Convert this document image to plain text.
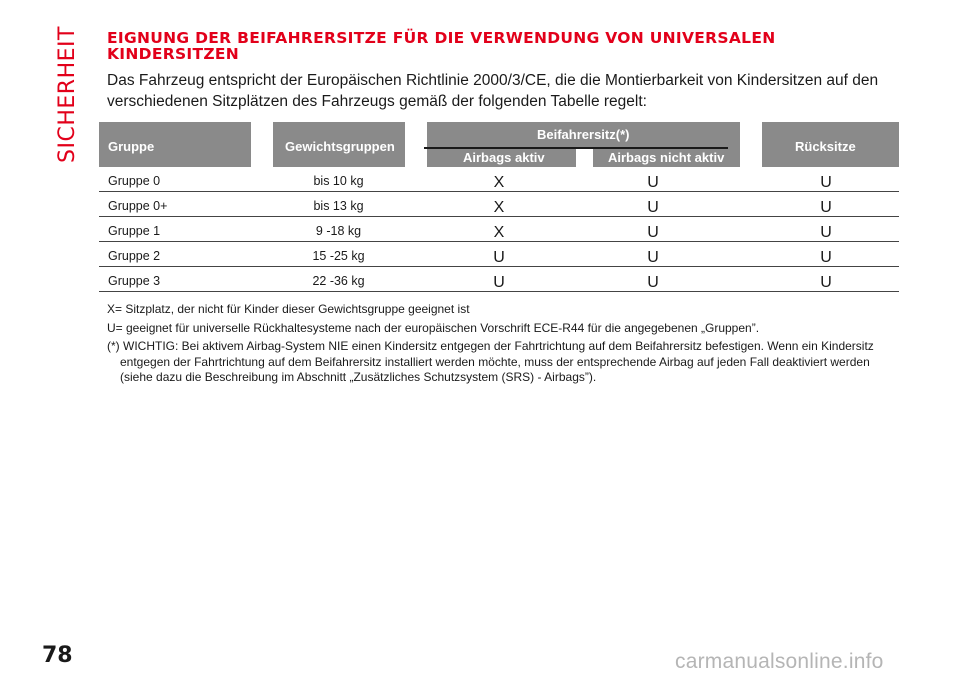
SICHERHEIT EIGNUNG DER BEIFAHRERSITZE FÜR DIE VERWENDUNG VON UNIVERSALEN KINDERSITZEN
Das Fahrzeug entspricht der Europäischen Richtlinie 2000/3/CE, die die Montierbarkeit von Kindersitzen auf den verschiedenen Sitzplätzen des Fahrzeugs gemäß der folgenden Tabelle regelt:
Gruppe	Gewichtsgruppen
Beifahrersitz(*)
Airbags aktiv	Airbags nicht aktiv
Rücksitze
Gruppe 0	bis 10 kg	X	U	U
Gruppe 0+	bis 13 kg	X	U	U
Gruppe 1	9 -18 kg	X	U	U
Gruppe 2	15 -25 kg	U	U	U
Gruppe 3	22 -36 kg	U	U	U

X= Sitzplatz, der nicht für Kinder dieser Gewichtsgruppe geeignet ist

U= geeignet für universelle Rückhaltesysteme nach der europäischen Vorschrift ECE-R44 für die angegebenen „Gruppen”.

(*) WICHTIG: Bei aktivem Airbag-System NIE einen Kindersitz entgegen der Fahrtrichtung auf dem Beifahrersitz befestigen. Wenn ein Kindersitz entgegen der Fahrtrichtung auf dem Beifahrersitz installiert werden möchte, muss der entsprechende Airbag auf jeden Fall deaktiviert werden (siehe dazu die Beschreibung im Abschnitt „Zusätzliches Schutzsystem (SRS) - Airbags”).

78	carmanualsonline.info
